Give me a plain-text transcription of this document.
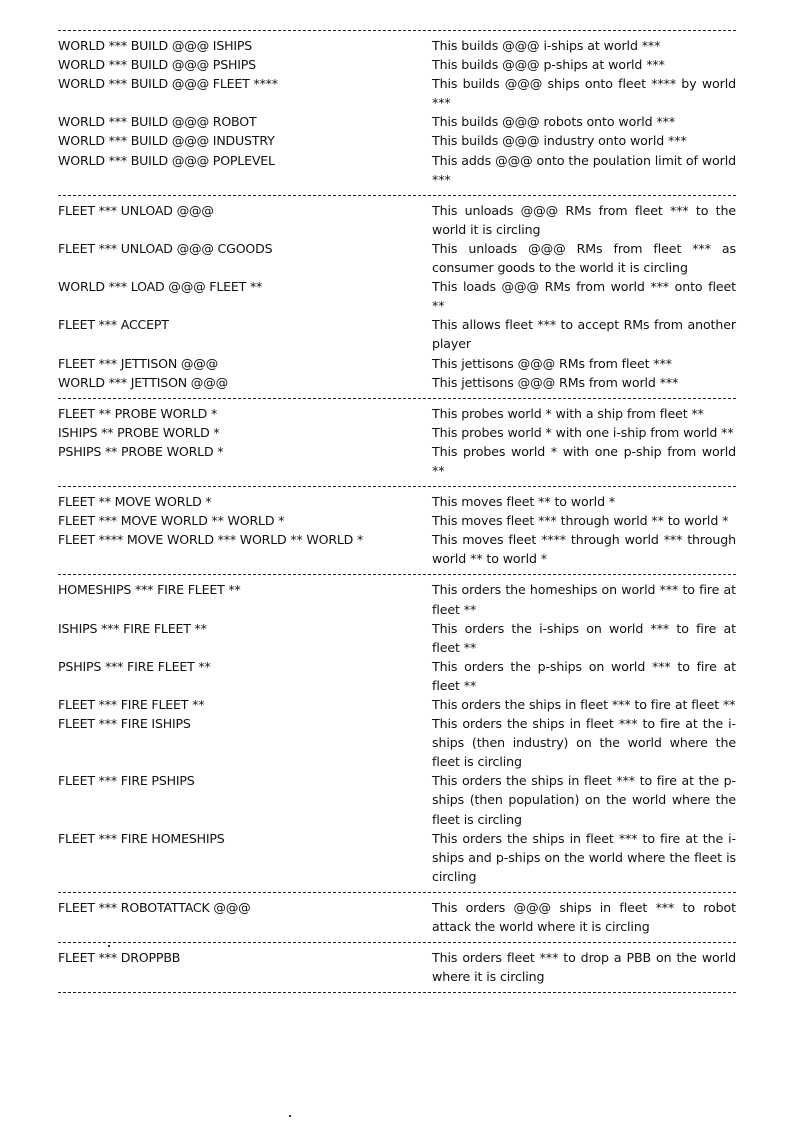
WORLD *** BUILD @@@ ISHIPS	This builds @@@ i-ships at world ***
WORLD *** BUILD @@@ PSHIPS	This builds @@@ p-ships at world ***
WORLD *** BUILD @@@ FLEET ****	This builds @@@ ships onto fleet **** by world ***
WORLD *** BUILD @@@ ROBOT	This builds @@@ robots onto world ***
WORLD *** BUILD @@@ INDUSTRY	This builds @@@ industry onto world ***
WORLD *** BUILD @@@ POPLEVEL	This adds @@@ onto the poulation limit of world ***
FLEET *** UNLOAD @@@	This unloads @@@ RMs from fleet *** to the world it is circling
FLEET *** UNLOAD @@@ CGOODS	This unloads @@@ RMs from fleet *** as consumer goods to the world it is circling
WORLD *** LOAD @@@ FLEET **	This loads @@@ RMs from world *** onto fleet **
FLEET *** ACCEPT	This allows fleet *** to accept RMs from another player
FLEET *** JETTISON @@@	This jettisons @@@ RMs from fleet ***
WORLD *** JETTISON @@@	This jettisons @@@ RMs from world ***
FLEET ** PROBE WORLD *	This probes world * with a ship from fleet **
ISHIPS ** PROBE WORLD *	This probes world * with one i-ship from world **
PSHIPS ** PROBE WORLD *	This probes world * with one p-ship from world **
FLEET ** MOVE WORLD *	This moves fleet ** to world *
FLEET *** MOVE WORLD ** WORLD *	This moves fleet *** through world ** to world *
FLEET **** MOVE WORLD *** WORLD ** WORLD *	This moves fleet **** through world *** through world ** to world *
HOMESHIPS *** FIRE FLEET **	This orders the homeships on world *** to fire at fleet **
ISHIPS *** FIRE FLEET **	This orders the i-ships on world *** to fire at fleet **
PSHIPS *** FIRE FLEET **	This orders the p-ships on world *** to fire at fleet **
FLEET *** FIRE FLEET **	This orders the ships in fleet *** to fire at fleet **
FLEET *** FIRE ISHIPS	This orders the ships in fleet *** to fire at the i-ships (then industry) on the world where the fleet is circling
FLEET *** FIRE PSHIPS	This orders the ships in fleet *** to fire at the p-ships (then population) on the world where the fleet is circling
FLEET *** FIRE HOMESHIPS	This orders the ships in fleet *** to fire at the i-ships and p-ships on the world where the fleet is circling
FLEET *** ROBOTATTACK @@@	This orders @@@ ships in fleet *** to robot attack the world where it is circling
FLEET *** DROPPBB	This orders fleet *** to drop a PBB on the world where it is circling
